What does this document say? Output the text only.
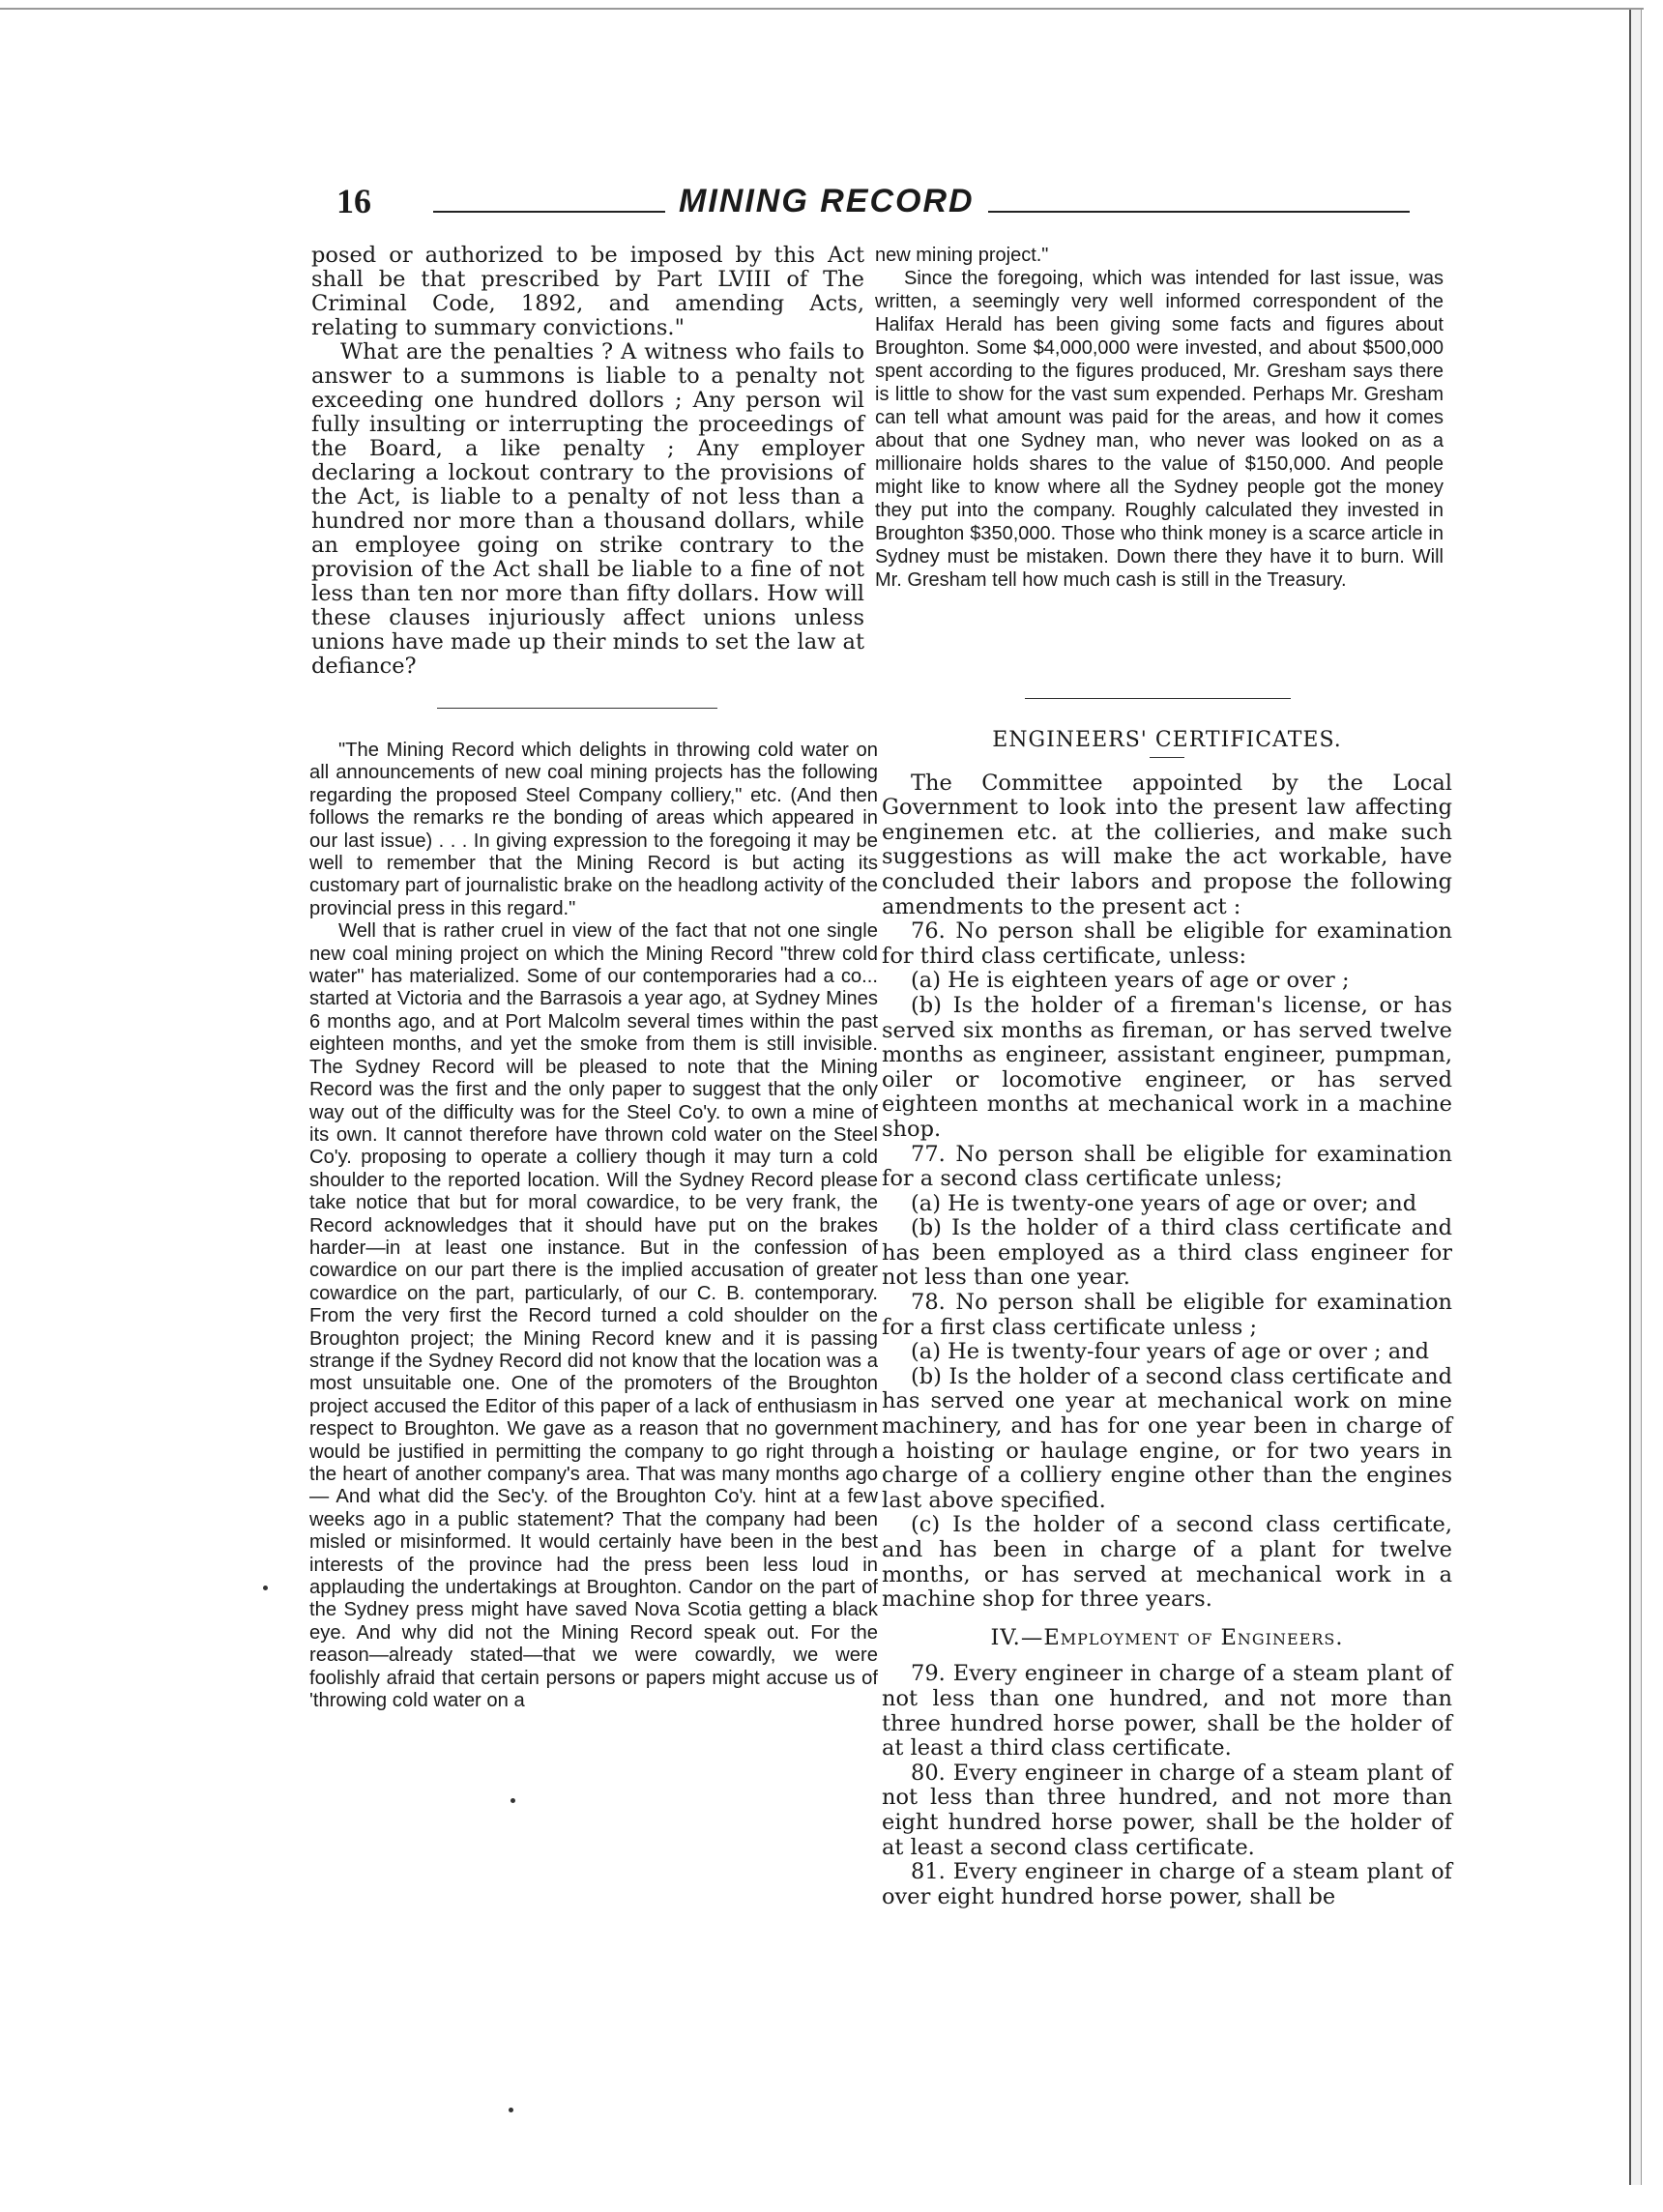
16	MINING RECORD

posed or authorized to be imposed by this Act shall be that prescribed by Part LVIII of The Criminal Code, 1892, and amending Acts, relating to summary convictions."

What are the penalties ? A witness who fails to answer to a summons is liable to a penalty not exceeding one hundred dollors ; Any person wil fully insulting or interrupting the proceedings of the Board, a like penalty ; Any employer declaring a lockout contrary to the provisions of the Act, is liable to a penalty of not less than a hundred nor more than a thousand dollars, while an employee going on strike contrary to the provision of the Act shall be liable to a fine of not less than ten nor more than fifty dollars. How will these clauses injuriously affect unions unless unions have made up their minds to set the law at defiance?

new mining project."

Since the foregoing, which was intended for last issue, was written, a seemingly very well informed correspondent of the Halifax Herald has been giving some facts and figures about Broughton. Some $4,000,000 were invested, and about $500,000 spent according to the figures produced, Mr. Gresham says there is little to show for the vast sum expended. Perhaps Mr. Gresham can tell what amount was paid for the areas, and how it comes about that one Sydney man, who never was looked on as a millionaire holds shares to the value of $150,000. And people might like to know where all the Sydney people got the money they put into the company. Roughly calculated they invested in Broughton $350,000. Those who think money is a scarce article in Sydney must be mistaken. Down there they have it to burn. Will Mr. Gresham tell how much cash is still in the Treasury.

"The Mining Record which delights in throwing cold water on all announcements of new coal mining projects has the following regarding the proposed Steel Company colliery," etc. (And then follows the remarks re the bonding of areas which appeared in our last issue) . . . In giving expression to the foregoing it may be well to remember that the Mining Record is but acting its customary part of journalistic brake on the headlong activity of the provincial press in this regard."

Well that is rather cruel in view of the fact that not one single new coal mining project on which the Mining Record "threw cold water" has materialized. Some of our contemporaries had a co... started at Victoria and the Barrasois a year ago, at Sydney Mines 6 months ago, and at Port Malcolm several times within the past eighteen months, and yet the smoke from them is still invisible. The Sydney Record will be pleased to note that the Mining Record was the first and the only paper to suggest that the only way out of the difficulty was for the Steel Co'y. to own a mine of its own. It cannot therefore have thrown cold water on the Steel Co'y. proposing to operate a colliery though it may turn a cold shoulder to the reported location. Will the Sydney Record please take notice that but for moral cowardice, to be very frank, the Record acknowledges that it should have put on the brakes harder—in at least one instance. But in the confession of cowardice on our part there is the implied accusation of greater cowardice on the part, particularly, of our C. B. contemporary. From the very first the Record turned a cold shoulder on the Broughton project; the Mining Record knew and it is passing strange if the Sydney Record did not know that the location was a most unsuitable one. One of the promoters of the Broughton project accused the Editor of this paper of a lack of enthusiasm in respect to Broughton. We gave as a reason that no government would be justified in permitting the company to go right through the heart of another company's area. That was many months ago— And what did the Sec'y. of the Broughton Co'y. hint at a few weeks ago in a public statement? That the company had been misled or misinformed. It would certainly have been in the best interests of the province had the press been less loud in applauding the undertakings at Broughton. Candor on the part of the Sydney press might have saved Nova Scotia getting a black eye. And why did not the Mining Record speak out. For the reason—already stated—that we were cowardly, we were foolishly afraid that certain persons or papers might accuse us of 'throwing cold water on a

ENGINEERS' CERTIFICATES.

The Committee appointed by the Local Government to look into the present law affecting enginemen etc. at the collieries, and make such suggestions as will make the act workable, have concluded their labors and propose the following amendments to the present act :

76. No person shall be eligible for examination for third class certificate, unless:

(a) He is eighteen years of age or over ;

(b) Is the holder of a fireman's license, or has served six months as fireman, or has served twelve months as engineer, assistant engineer, pumpman, oiler or locomotive engineer, or has served eighteen months at mechanical work in a machine shop.

77. No person shall be eligible for examination for a second class certificate unless;

(a) He is twenty-one years of age or over; and

(b) Is the holder of a third class certificate and has been employed as a third class engineer for not less than one year.

78. No person shall be eligible for examination for a first class certificate unless ;

(a) He is twenty-four years of age or over ; and

(b) Is the holder of a second class certificate and has served one year at mechanical work on mine machinery, and has for one year been in charge of a hoisting or haulage engine, or for two years in charge of a colliery engine other than the engines last above specified.

(c) Is the holder of a second class certificate, and has been in charge of a plant for twelve months, or has served at mechanical work in a machine shop for three years.

IV.—Employment of Engineers.

79. Every engineer in charge of a steam plant of not less than one hundred, and not more than three hundred horse power, shall be the holder of at least a third class certificate.

80. Every engineer in charge of a steam plant of not less than three hundred, and not more than eight hundred horse power, shall be the holder of at least a second class certificate.

81. Every engineer in charge of a steam plant of over eight hundred horse power, shall be
